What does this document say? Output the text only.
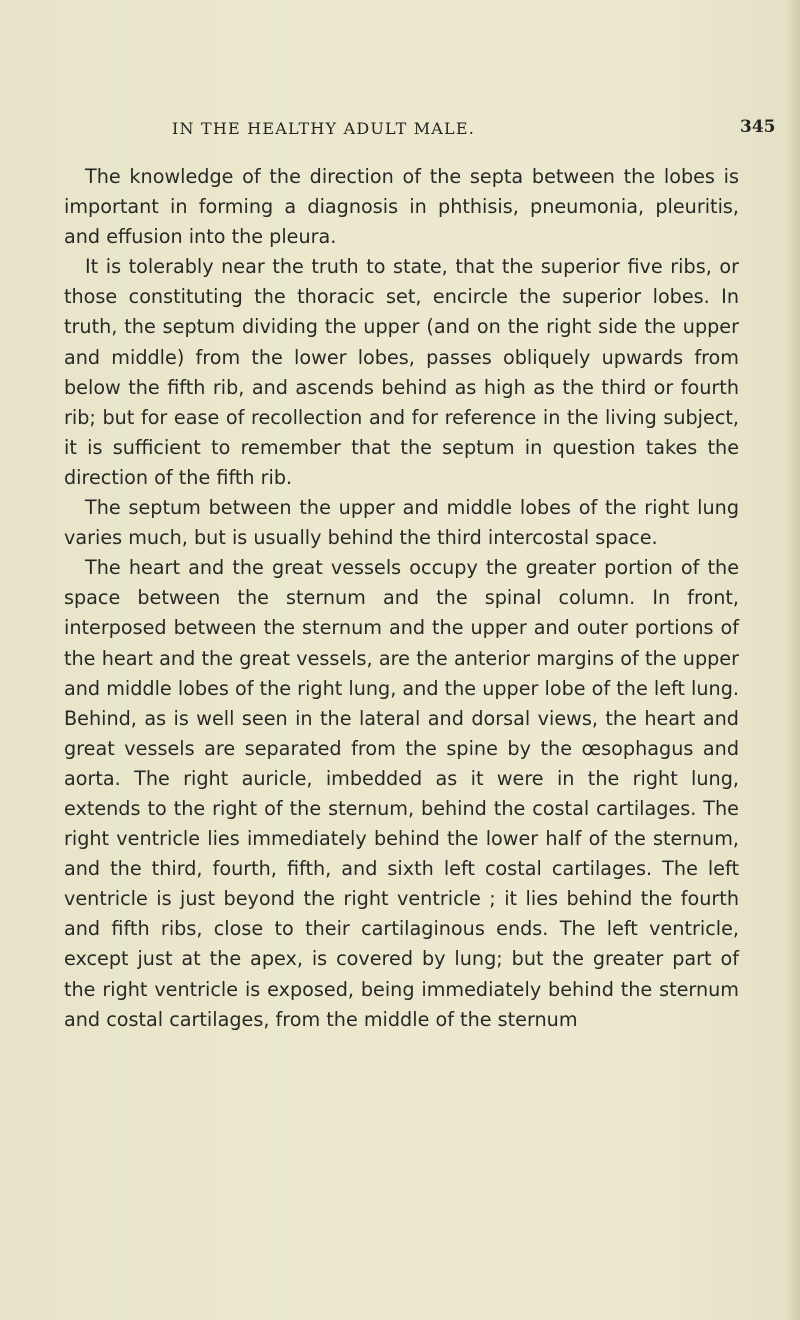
IN THE HEALTHY ADULT MALE.	345

The knowledge of the direction of the septa between the lobes is important in forming a diagnosis in phthisis, pneumonia, pleuritis, and effusion into the pleura.

It is tolerably near the truth to state, that the superior five ribs, or those constituting the thoracic set, encircle the superior lobes. In truth, the septum dividing the upper (and on the right side the upper and middle) from the lower lobes, passes obliquely upwards from below the fifth rib, and ascends behind as high as the third or fourth rib; but for ease of recollection and for reference in the living subject, it is sufficient to remember that the septum in question takes the direction of the fifth rib.

The septum between the upper and middle lobes of the right lung varies much, but is usually behind the third intercostal space.

The heart and the great vessels occupy the greater portion of the space between the sternum and the spinal column. In front, interposed between the sternum and the upper and outer portions of the heart and the great vessels, are the anterior margins of the upper and middle lobes of the right lung, and the upper lobe of the left lung. Behind, as is well seen in the lateral and dorsal views, the heart and great vessels are separated from the spine by the œsophagus and aorta. The right auricle, imbedded as it were in the right lung, extends to the right of the sternum, behind the costal cartilages. The right ventricle lies immediately behind the lower half of the sternum, and the third, fourth, fifth, and sixth left costal cartilages. The left ventricle is just beyond the right ventricle ; it lies behind the fourth and fifth ribs, close to their cartilaginous ends. The left ventricle, except just at the apex, is covered by lung; but the greater part of the right ventricle is exposed, being immediately behind the sternum and costal cartilages, from the middle of the sternum
